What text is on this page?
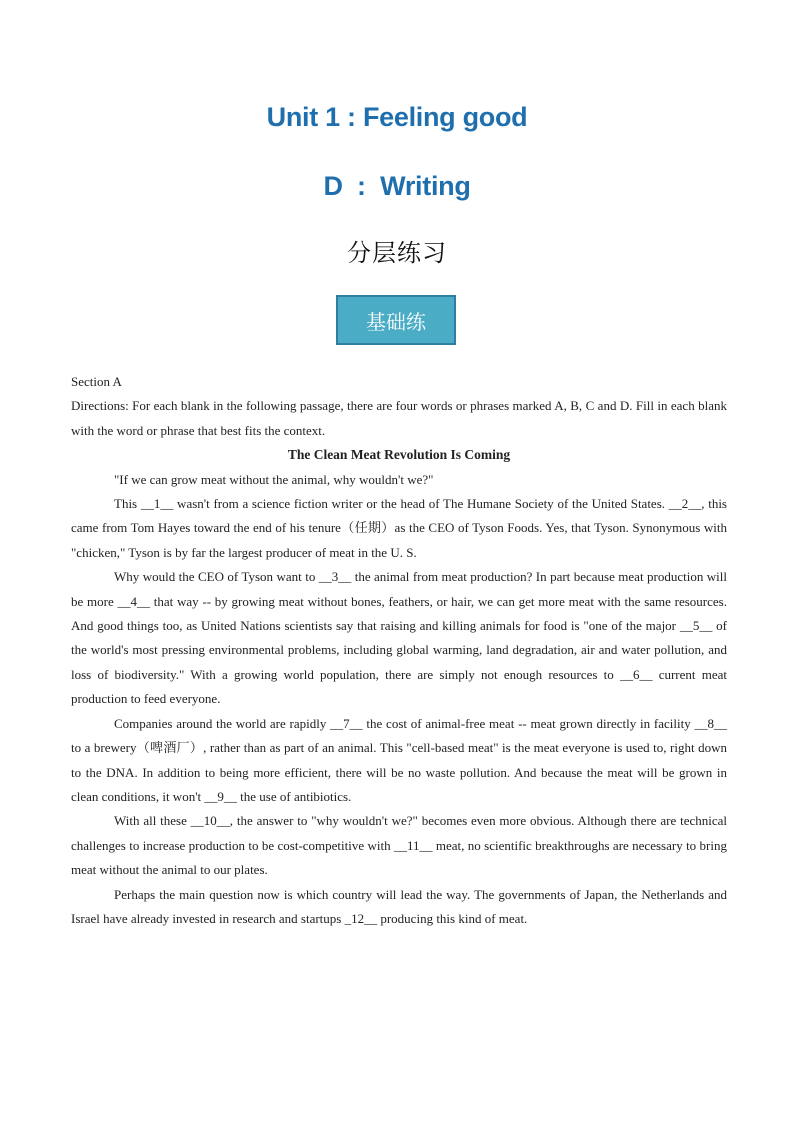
Unit 1 : Feeling good
D  :  Writing
分层练习
基础练

Section A

Directions: For each blank in the following passage, there are four words or phrases marked A, B, C and D. Fill in each blank with the word or phrase that best fits the context.

The Clean Meat Revolution Is Coming

"If we can grow meat without the animal, why wouldn't we?"

This __1__ wasn't from a science fiction writer or the head of The Humane Society of the United States. __2__, this came from Tom Hayes toward the end of his tenure（任期）as the CEO of Tyson Foods. Yes, that Tyson. Synonymous with "chicken," Tyson is by far the largest producer of meat in the U. S.

Why would the CEO of Tyson want to __3__ the animal from meat production? In part because meat production will be more __4__ that way -- by growing meat without bones, feathers, or hair, we can get more meat with the same resources. And good things too, as United Nations scientists say that raising and killing animals for food is "one of the major __5__ of the world's most pressing environmental problems, including global warming, land degradation, air and water pollution, and loss of biodiversity." With a growing world population, there are simply not enough resources to __6__ current meat production to feed everyone.

Companies around the world are rapidly __7__ the cost of animal-free meat -- meat grown directly in facility __8__ to a brewery（啤酒厂）, rather than as part of an animal. This "cell-based meat" is the meat everyone is used to, right down to the DNA. In addition to being more efficient, there will be no waste pollution. And because the meat will be grown in clean conditions, it won't __9__ the use of antibiotics.

With all these __10__, the answer to "why wouldn't we?" becomes even more obvious. Although there are technical challenges to increase production to be cost-competitive with __11__ meat, no scientific breakthroughs are necessary to bring meat without the animal to our plates.

Perhaps the main question now is which country will lead the way. The governments of Japan, the Netherlands and Israel have already invested in research and startups _12__ producing this kind of meat.
